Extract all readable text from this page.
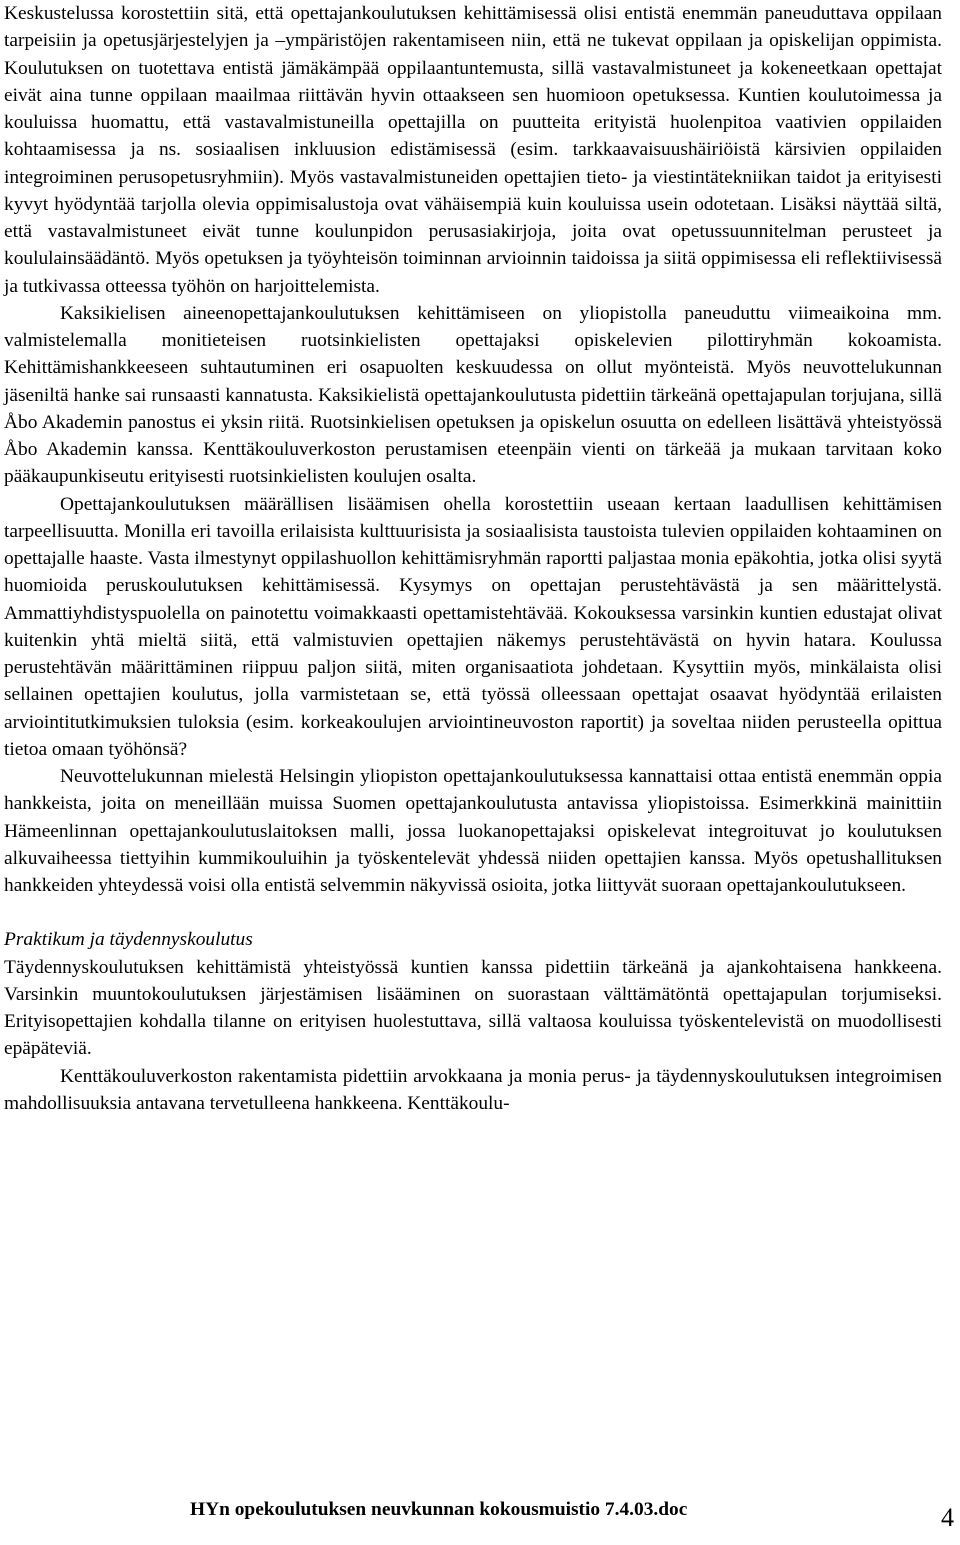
Keskustelussa korostettiin sitä, että opettajankoulutuksen kehittämisessä olisi entistä enemmän paneuduttava oppilaan tarpeisiin ja opetusjärjestelyjen ja –ympäristöjen rakentamiseen niin, että ne tukevat oppilaan ja opiskelijan oppimista. Koulutuksen on tuotettava entistä jämäkämpää oppilaantuntemusta, sillä vastavalmistuneet ja kokeneetkaan opettajat eivät aina tunne oppilaan maailmaa riittävän hyvin ottaakseen sen huomioon opetuksessa. Kuntien koulutoimessa ja kouluissa huomattu, että vastavalmistuneilla opettajilla on puutteita erityistä huolenpitoa vaativien oppilaiden kohtaamisessa ja ns. sosiaalisen inkluusion edistämisessä (esim. tarkkaavaisuushäiriöistä kärsivien oppilaiden integroiminen perusopetusryhmiin). Myös vastavalmistuneiden opettajien tieto- ja viestintätekniikan taidot ja erityisesti kyvyt hyödyntää tarjolla olevia oppimisalustoja ovat vähäisempiä kuin kouluissa usein odotetaan. Lisäksi näyttää siltä, että vastavalmistuneet eivät tunne koulunpidon perusasiakirjoja, joita ovat opetussuunnitelman perusteet ja koululainsäädäntö. Myös opetuksen ja työyhteisön toiminnan arvioinnin taidoissa ja siitä oppimisessa eli reflektiivisessä ja tutkivassa otteessa työhön on harjoittelemista.

Kaksikielisen aineenopettajankoulutuksen kehittämiseen on yliopistolla paneuduttu viimeaikoina mm. valmistelemalla monitieteisen ruotsinkielisten opettajaksi opiskelevien pilottiryhmän kokoamista. Kehittämishankkeeseen suhtautuminen eri osapuolten keskuudessa on ollut myönteistä. Myös neuvottelukunnan jäseniltä hanke sai runsaasti kannatusta. Kaksikielistä opettajankoulutusta pidettiin tärkeänä opettajapulan torjujana, sillä Åbo Akademin panostus ei yksin riitä. Ruotsinkielisen opetuksen ja opiskelun osuutta on edelleen lisättävä yhteistyössä Åbo Akademin kanssa. Kenttäkouluverkoston perustamisen eteenpäin vienti on tärkeää ja mukaan tarvitaan koko pääkaupunkiseutu erityisesti ruotsinkielisten koulujen osalta.

Opettajankoulutuksen määrällisen lisäämisen ohella korostettiin useaan kertaan laadullisen kehittämisen tarpeellisuutta. Monilla eri tavoilla erilaisista kulttuurisista ja sosiaalisista taustoista tulevien oppilaiden kohtaaminen on opettajalle haaste. Vasta ilmestynyt oppilashuollon kehittämisryhmän raportti paljastaa monia epäkohtia, jotka olisi syytä huomioida peruskoulutuksen kehittämisessä. Kysymys on opettajan perustehtävästä ja sen määrittelystä. Ammattiyhdistyspuolella on painotettu voimakkaasti opettamistehtävää. Kokouksessa varsinkin kuntien edustajat olivat kuitenkin yhtä mieltä siitä, että valmistuvien opettajien näkemys perustehtävästä on hyvin hatara. Koulussa perustehtävän määrittäminen riippuu paljon siitä, miten organisaatiota johdetaan. Kysyttiin myös, minkälaista olisi sellainen opettajien koulutus, jolla varmistetaan se, että työssä olleessaan opettajat osaavat hyödyntää erilaisten arviointitutkimuksien tuloksia (esim. korkeakoulujen arviointineuvoston raportit) ja soveltaa niiden perusteella opittua tietoa omaan työhönsä?

Neuvottelukunnan mielestä Helsingin yliopiston opettajankoulutuksessa kannattaisi ottaa entistä enemmän oppia hankkeista, joita on meneillään muissa Suomen opettajankoulutusta antavissa yliopistoissa. Esimerkkinä mainittiin Hämeenlinnan opettajankoulutuslaitoksen malli, jossa luokanopettajaksi opiskelevat integroituvat jo koulutuksen alkuvaiheessa tiettyihin kummikouluihin ja työskentelevät yhdessä niiden opettajien kanssa. Myös opetushallituksen hankkeiden yhteydessä voisi olla entistä selvemmin näkyvissä osioita, jotka liittyvät suoraan opettajankoulutukseen.

Praktikum ja täydennyskoulutus

Täydennyskoulutuksen kehittämistä yhteistyössä kuntien kanssa pidettiin tärkeänä ja ajankohtaisena hankkeena. Varsinkin muuntokoulutuksen järjestämisen lisääminen on suorastaan välttämätöntä opettajapulan torjumiseksi. Erityisopettajien kohdalla tilanne on erityisen huolestuttava, sillä valtaosa kouluissa työskentelevistä on muodollisesti epäpäteviä.

Kenttäkouluverkoston rakentamista pidettiin arvokkaana ja monia perus- ja täydennyskoulutuksen integroimisen mahdollisuuksia antavana tervetulleena hankkeena. Kenttäkoulu-

HYn opekoulutuksen neuvkunnan kokousmuistio 7.4.03.doc	4
